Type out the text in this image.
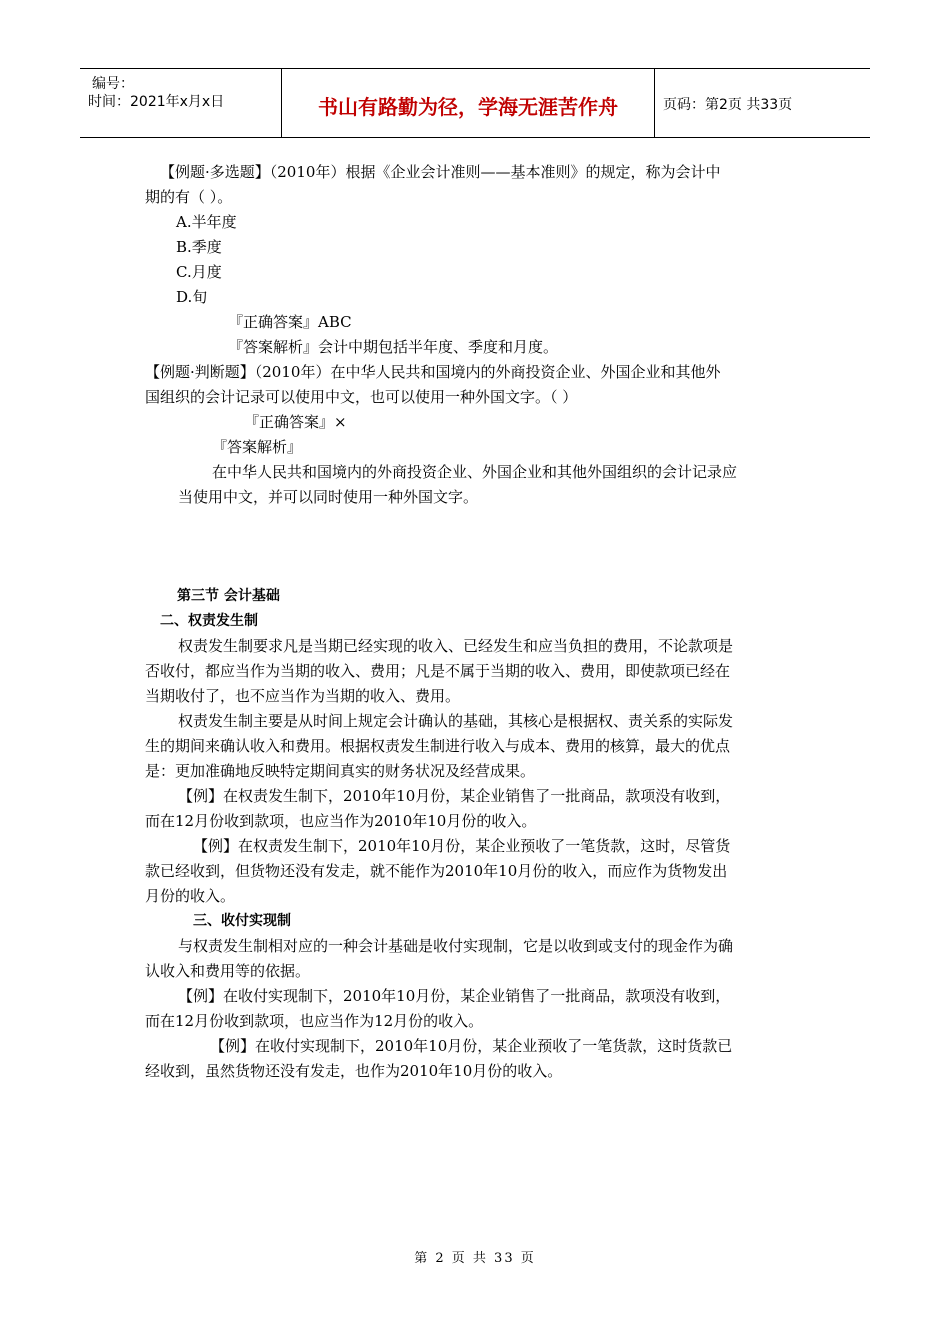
编号：
时间：2021年x月x日	书山有路勤为径，学海无涯苦作舟	页码：第2页 共33页
【例题·多选题】（2010年）根据《企业会计准则——基本准则》的规定，称为会计中
期的有（ ）。
A.半年度
B.季度
C.月度
D.旬
『正确答案』ABC
『答案解析』会计中期包括半年度、季度和月度。
【例题·判断题】（2010年）在中华人民共和国境内的外商投资企业、外国企业和其他外
国组织的会计记录可以使用中文，也可以使用一种外国文字。（ ）
『正确答案』×
『答案解析』
在中华人民共和国境内的外商投资企业、外国企业和其他外国组织的会计记录应
当使用中文，并可以同时使用一种外国文字。
第三节 会计基础
二、权责发生制
权责发生制要求凡是当期已经实现的收入、已经发生和应当负担的费用，不论款项是
否收付，都应当作为当期的收入、费用；凡是不属于当期的收入、费用，即使款项已经在
当期收付了，也不应当作为当期的收入、费用。
权责发生制主要是从时间上规定会计确认的基础，其核心是根据权、责关系的实际发
生的期间来确认收入和费用。根据权责发生制进行收入与成本、费用的核算，最大的优点
是：更加准确地反映特定期间真实的财务状况及经营成果。
【例】在权责发生制下，2010年10月份，某企业销售了一批商品，款项没有收到，
而在12月份收到款项，也应当作为2010年10月份的收入。
【例】在权责发生制下，2010年10月份，某企业预收了一笔货款，这时，尽管货
款已经收到，但货物还没有发走，就不能作为2010年10月份的收入，而应作为货物发出
月份的收入。
三、收付实现制
与权责发生制相对应的一种会计基础是收付实现制，它是以收到或支付的现金作为确
认收入和费用等的依据。
【例】在收付实现制下，2010年10月份，某企业销售了一批商品，款项没有收到，
而在12月份收到款项，也应当作为12月份的收入。
【例】在收付实现制下，2010年10月份，某企业预收了一笔货款，这时货款已
经收到，虽然货物还没有发走，也作为2010年10月份的收入。
第 2 页 共 33 页
